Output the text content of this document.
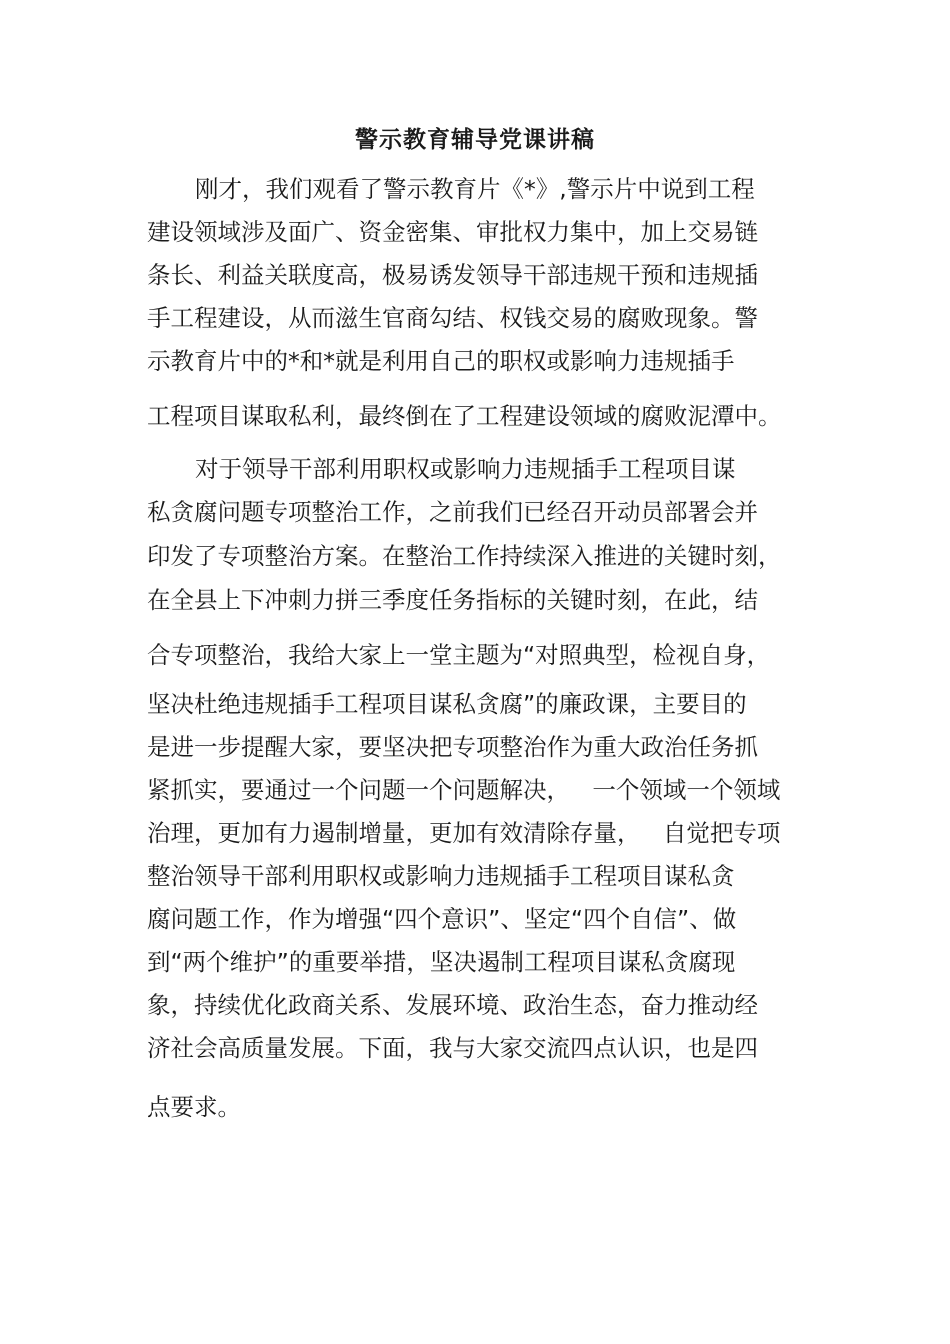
警示教育辅导党课讲稿

刚才，我们观看了警示教育片《*》,警示片中说到工程

建设领域涉及面广、资金密集、审批权力集中，加上交易链

条长、利益关联度高，极易诱发领导干部违规干预和违规插

手工程建设，从而滋生官商勾结、权钱交易的腐败现象。警

示教育片中的*和*就是利用自己的职权或影响力违规插手

工程项目谋取私利，最终倒在了工程建设领域的腐败泥潭中。

对于领导干部利用职权或影响力违规插手工程项目谋

私贪腐问题专项整治工作，之前我们已经召开动员部署会并

印发了专项整治方案。在整治工作持续深入推进的关键时刻，

在全县上下冲刺力拼三季度任务指标的关键时刻，在此，结

合专项整治，我给大家上一堂主题为“对照典型，检视自身，

坚决杜绝违规插手工程项目谋私贪腐”的廉政课，主要目的

是进一步提醒大家，要坚决把专项整治作为重大政治任务抓

紧抓实，要通过一个问题一个问题解决，   一个领域一个领域

治理，更加有力遏制增量，更加有效清除存量，   自觉把专项

整治领导干部利用职权或影响力违规插手工程项目谋私贪

腐问题工作，作为增强“四个意识”、坚定“四个自信”、做

到“两个维护”的重要举措，坚决遏制工程项目谋私贪腐现

象，持续优化政商关系、发展环境、政治生态，奋力推动经

济社会高质量发展。下面，我与大家交流四点认识，也是四

点要求。
